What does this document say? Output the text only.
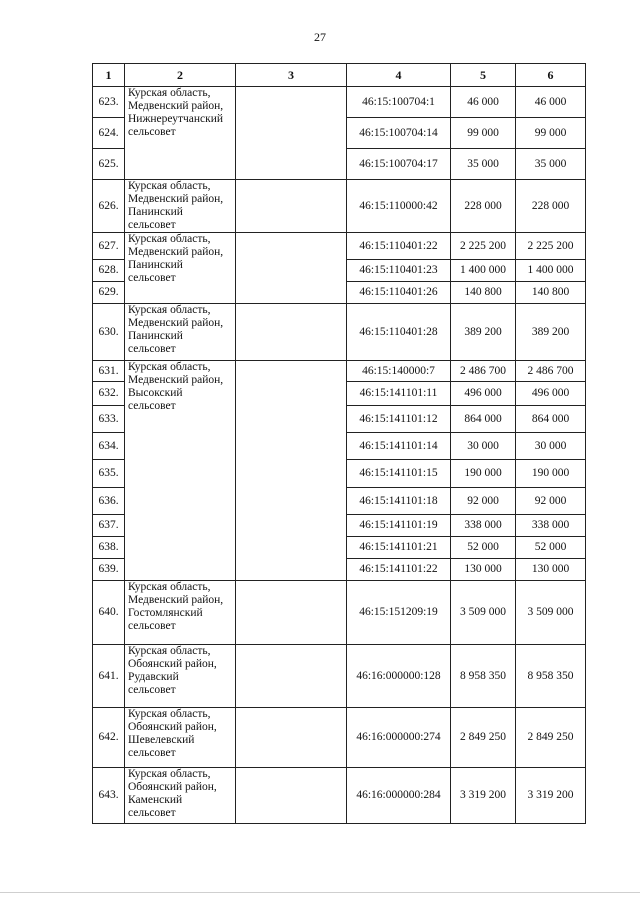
27
1	2	3	4	5	6
623.	Курская область,
Медвенский район,
Нижнереутчанский
сельсовет		46:15:100704:1	46 000	46 000
624.			46:15:100704:14	99 000	99 000
625.			46:15:100704:17	35 000	35 000
626.	Курская область,
Медвенский район,
Панинский
сельсовет		46:15:110000:42	228 000	228 000
627.	Курская область,
Медвенский район,
Панинский
сельсовет		46:15:110401:22	2 225 200	2 225 200
628.			46:15:110401:23	1 400 000	1 400 000
629.			46:15:110401:26	140 800	140 800
630.	Курская область,
Медвенский район,
Панинский
сельсовет		46:15:110401:28	389 200	389 200
631.	Курская область,
Медвенский район,
Высокский
сельсовет		46:15:140000:7	2 486 700	2 486 700
632.			46:15:141101:11	496 000	496 000
633.			46:15:141101:12	864 000	864 000
634.			46:15:141101:14	30 000	30 000
635.			46:15:141101:15	190 000	190 000
636.			46:15:141101:18	92 000	92 000
637.			46:15:141101:19	338 000	338 000
638.			46:15:141101:21	52 000	52 000
639.			46:15:141101:22	130 000	130 000
640.	Курская область,
Медвенский район,
Гостомлянский
сельсовет		46:15:151209:19	3 509 000	3 509 000
641.	Курская область,
Обоянский район,
Рудавский
сельсовет		46:16:000000:128	8 958 350	8 958 350
642.	Курская область,
Обоянский район,
Шевелевский
сельсовет		46:16:000000:274	2 849 250	2 849 250
643.	Курская область,
Обоянский район,
Каменский
сельсовет		46:16:000000:284	3 319 200	3 319 200
